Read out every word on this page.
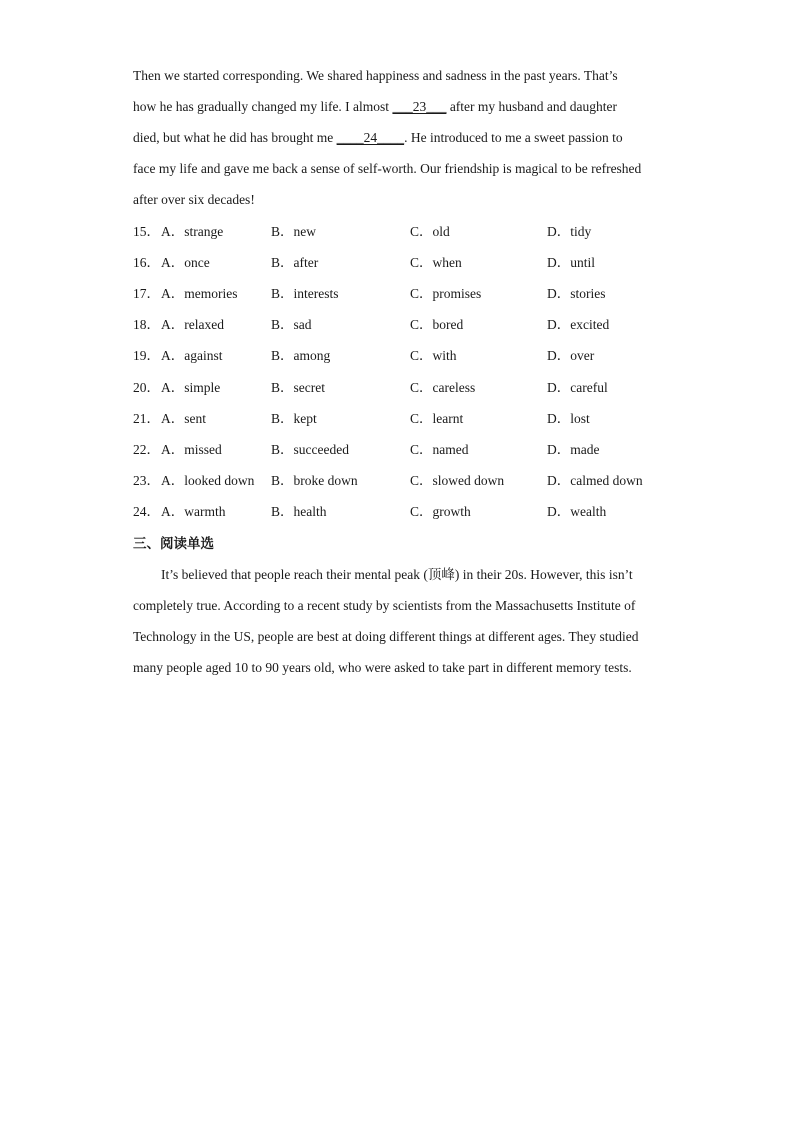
Then we started corresponding. We shared happiness and sadness in the past years. That’s
how he has gradually changed my life. I almost ___23___ after my husband and daughter
died, but what he did has brought me ____24____. He introduced to me a sweet passion to
face my life and gave me back a sense of self-worth. Our friendship is magical to be refreshed
after over six decades!
15． A．strange	B．new	C．old	D．tidy
16． A．once	B．after	C．when	D．until
17． A．memories B．interests	C．promises	D．stories
18． A．relaxed	B．sad	C．bored	D．excited
19． A．against	B．among	C．with	D．over
20． A．simple	B．secret	C．careless	D．careful
21． A．sent	B．kept	C．learnt	D．lost
22． A．missed	B．succeeded	C．named	D．made
23． A．looked down B．broke down	C．slowed down	D．calmed down
24． A．warmth	B．health	C．growth	D．wealth
三、阅读单选
It’s believed that people reach their mental peak (顶峰) in their 20s. However, this isn’t
completely true. According to a recent study by scientists from the Massachusetts Institute of
Technology in the US, people are best at doing different things at different ages. They studied
many people aged 10 to 90 years old, who were asked to take part in different memory tests.
